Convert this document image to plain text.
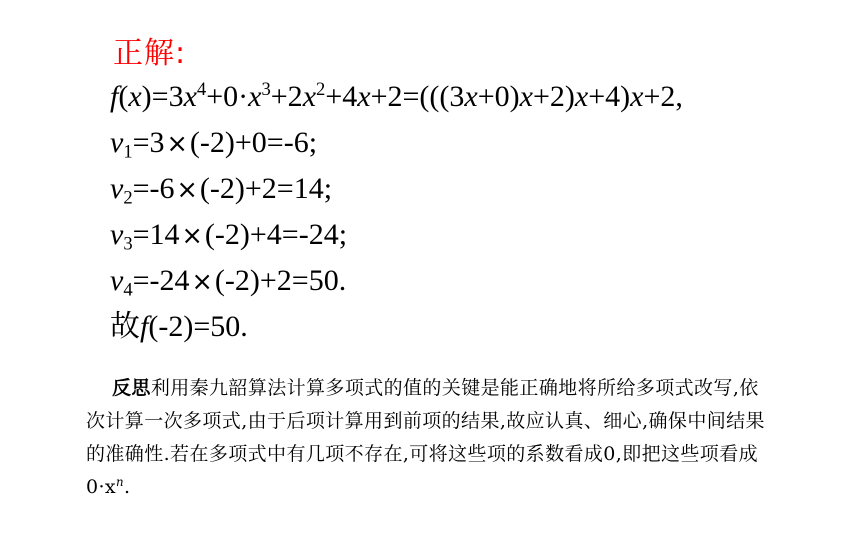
正解:
$f(x)=3x^4+0\cdot x^3+2x^2+4x+2=(((3x+0)x+2)x+4)x+2$,
$v_1=3\times(-2)+0=-6$;
$v_2=-6\times(-2)+2=14$;
$v_3=14\times(-2)+4=-24$;
$v_4=-24\times(-2)+2=50$.
故f(-2)=50.
反思利用秦九韶算法计算多项式的值的关键是能正确地将所给多项式改写,依次计算一次多项式,由于后项计算用到前项的结果,故应认真、细心,确保中间结果的准确性.若在多项式中有几项不存在,可将这些项的系数看成0,即把这些项看成$0\cdot x^n$.
